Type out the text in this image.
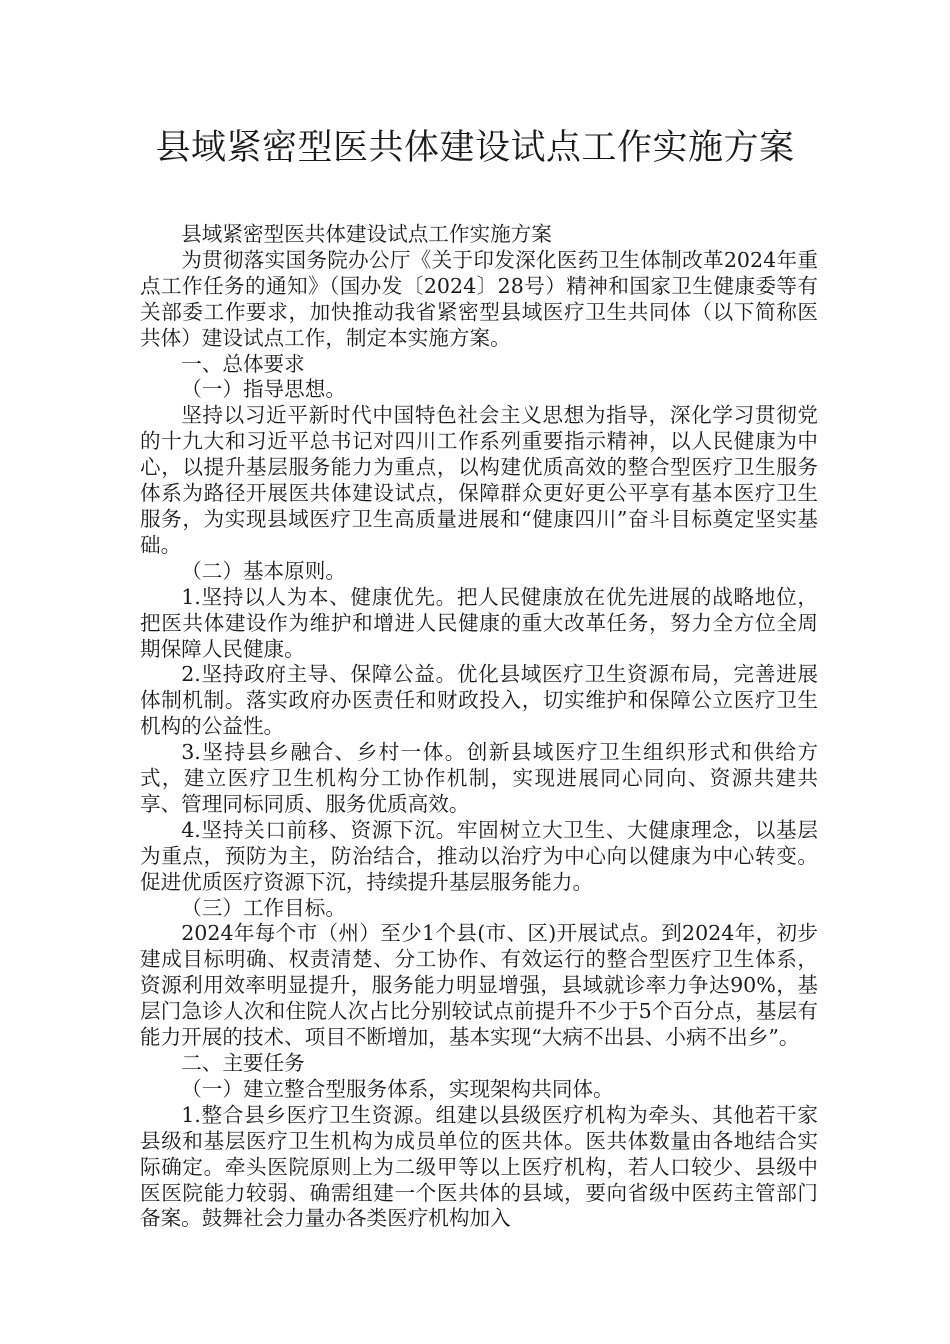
县域紧密型医共体建设试点工作实施方案

县域紧密型医共体建设试点工作实施方案

为贯彻落实国务院办公厅《关于印发深化医药卫生体制改革2024年重点工作任务的通知》（国办发〔2024〕28号）精神和国家卫生健康委等有关部委工作要求，加快推动我省紧密型县域医疗卫生共同体（以下简称医共体）建设试点工作，制定本实施方案。

一、总体要求

（一）指导思想。

坚持以习近平新时代中国特色社会主义思想为指导，深化学习贯彻党的十九大和习近平总书记对四川工作系列重要指示精神，以人民健康为中心，以提升基层服务能力为重点，以构建优质高效的整合型医疗卫生服务体系为路径开展医共体建设试点，保障群众更好更公平享有基本医疗卫生服务，为实现县域医疗卫生高质量进展和“健康四川”奋斗目标奠定坚实基础。

（二）基本原则。

1.坚持以人为本、健康优先。把人民健康放在优先进展的战略地位，把医共体建设作为维护和增进人民健康的重大改革任务，努力全方位全周期保障人民健康。

2.坚持政府主导、保障公益。优化县域医疗卫生资源布局，完善进展体制机制。落实政府办医责任和财政投入，切实维护和保障公立医疗卫生机构的公益性。

3.坚持县乡融合、乡村一体。创新县域医疗卫生组织形式和供给方式，建立医疗卫生机构分工协作机制，实现进展同心同向、资源共建共享、管理同标同质、服务优质高效。

4.坚持关口前移、资源下沉。牢固树立大卫生、大健康理念，以基层为重点，预防为主，防治结合，推动以治疗为中心向以健康为中心转变。促进优质医疗资源下沉，持续提升基层服务能力。

（三）工作目标。

2024年每个市（州）至少1个县(市、区)开展试点。到2024年，初步建成目标明确、权责清楚、分工协作、有效运行的整合型医疗卫生体系，资源利用效率明显提升，服务能力明显增强，县域就诊率力争达90%，基层门急诊人次和住院人次占比分别较试点前提升不少于5个百分点，基层有能力开展的技术、项目不断增加，基本实现“大病不出县、小病不出乡”。

二、主要任务

（一）建立整合型服务体系，实现架构共同体。

1.整合县乡医疗卫生资源。组建以县级医疗机构为牵头、其他若干家县级和基层医疗卫生机构为成员单位的医共体。医共体数量由各地结合实际确定。牵头医院原则上为二级甲等以上医疗机构，若人口较少、县级中医医院能力较弱、确需组建一个医共体的县域，要向省级中医药主管部门备案。鼓舞社会力量办各类医疗机构加入
